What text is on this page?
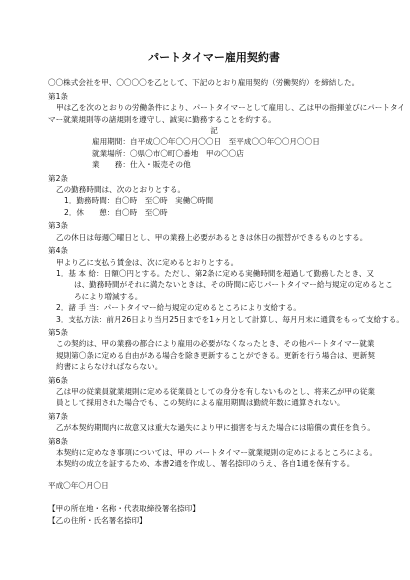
パートタイマー雇用契約書
〇〇株式会社を甲、〇〇〇〇を乙として、下記のとおり雇用契約（労働契約）を締結した。
第1条
甲は乙を次のとおりの労働条件により、パートタイマーとして雇用し、乙は甲の指揮並びにパートタイ
マー就業規則等の諸規則を遵守し、誠実に勤務することを約する。
記
雇用期間：自平成〇〇年〇〇月〇〇日　至平成〇〇年〇〇月〇〇日
就業場所：〇県〇市〇町〇番地　甲の〇〇店
業　　務：仕入・販売その他
第2条
乙の勤務時間は、次のとおりとする。
1．勤務時間：自〇時　至〇時　実働〇時間
2．休　　憩：自〇時　至〇時
第3条
乙の休日は毎週〇曜日とし、甲の業務上必要があるときは休日の振替ができるものとする。
第4条
甲より乙に支払う賃金は、次に定めるとおりとする。
1．基 本 給：日額〇円とする。ただし、第2条に定める実働時間を超過して勤務したとき、又
は、勤務時間がそれに満たないときは、その時間に応じパートタイマー給与規定の定めるとこ
ろにより増減する。
2．諸 手 当：パートタイマー給与規定の定めるところにより支給する。
3．支払方法：前月26日より当月25日までを1ヶ月として計算し、毎月月末に通貨をもって支給する。
第5条
この契約は、甲の業務の都合により雇用の必要がなくなったとき、その他パートタイマー就業
規則第〇条に定める自由がある場合を除き更新することができる。更新を行う場合は、更新契
約書によらなければならない。
第6条
乙は甲の従業員就業規則に定める従業員としての身分を有しないものとし、将来乙が甲の従業
員として採用された場合でも、この契約による雇用期間は勤続年数に通算されない。
第7条
乙が本契約期間内に故意又は重大な過失により甲に損害を与えた場合には賠償の責任を負う。
第8条
本契約に定めなき事項については、甲の パートタイマー就業規則の定めによるところによる。
本契約の成立を証するため、本書2通を作成し、署名捺印のうえ、各自1通を保有する。
平成〇年〇月〇日
【甲の所在地・名称・代表取締役署名捺印】
【乙の住所・氏名署名捺印】
